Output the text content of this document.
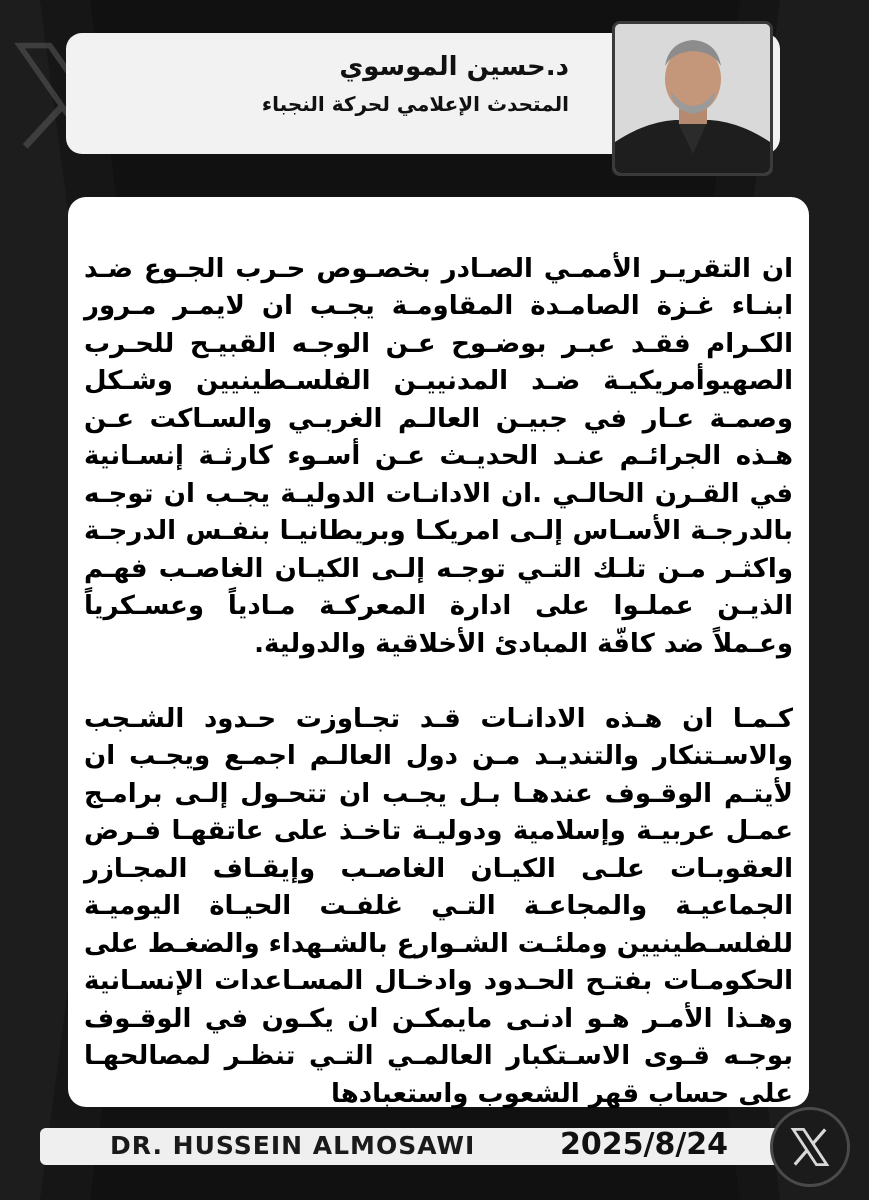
د.حسين الموسوي
المتحدث الإعلامي لحركة النجباء

ان التقريـر الأممـي الصـادر بخصـوص حـرب الجـوع ضـد ابنـاء غـزة الصامـدة المقاومـة يجـب ان لايمـر مـرور الكـرام فقـد عبـر بوضـوح عـن الوجـه القبيـح للحـرب الصهيوأمريكيـة ضـد المدنييـن الفلسـطينيين وشـكل وصمـة عـار في جبيـن العالـم الغربـي والسـاكت عـن هـذه الجرائـم عنـد الحديـث عـن أسـوء كارثـة إنسـانية في القـرن الحالـي .ان الادانـات الدوليـة يجـب ان توجـه بالدرجـة الأسـاس إلـى امريكـا وبريطانيـا بنفـس الدرجـة واكثـر مـن تلـك التـي توجـه إلـى الكيـان الغاصـب فهـم الذيـن عملـوا على ادارة المعركـة مـادياً وعسـكرياً وعـملاً ضد كافّة المبادئ الأخلاقية والدولية.

كـمـا ان هـذه الادانـات قـد تجـاوزت حـدود الشـجب والاسـتنكار والتنديـد مـن دول العالـم اجمـع ويجـب ان لأيتـم الوقـوف عندهـا بـل يجـب ان تتحـول إلـى برامـج عمـل عربيـة وإسلامية ودوليـة تاخـذ على عاتقهـا فـرض العقوبـات علـى الكيـان الغاصـب وإيقـاف المجـازر الجماعيـة والمجاعـة التـي غلفـت الحيـاة اليوميـة للفلسـطينيين وملئـت الشـوارع بالشـهداء والضغـط على الحكومـات بفتـح الحـدود وادخـال المسـاعدات الإنسـانية وهـذا الأمـر هـو ادنـى مايمكـن ان يكـون في الوقـوف بوجـه قـوى الاسـتكبار العالمـي التـي تنظـر لمصالحهـا على حساب قهر الشعوب واستعبادها

DR. HUSSEIN ALMOSAWI	2025/8/24
